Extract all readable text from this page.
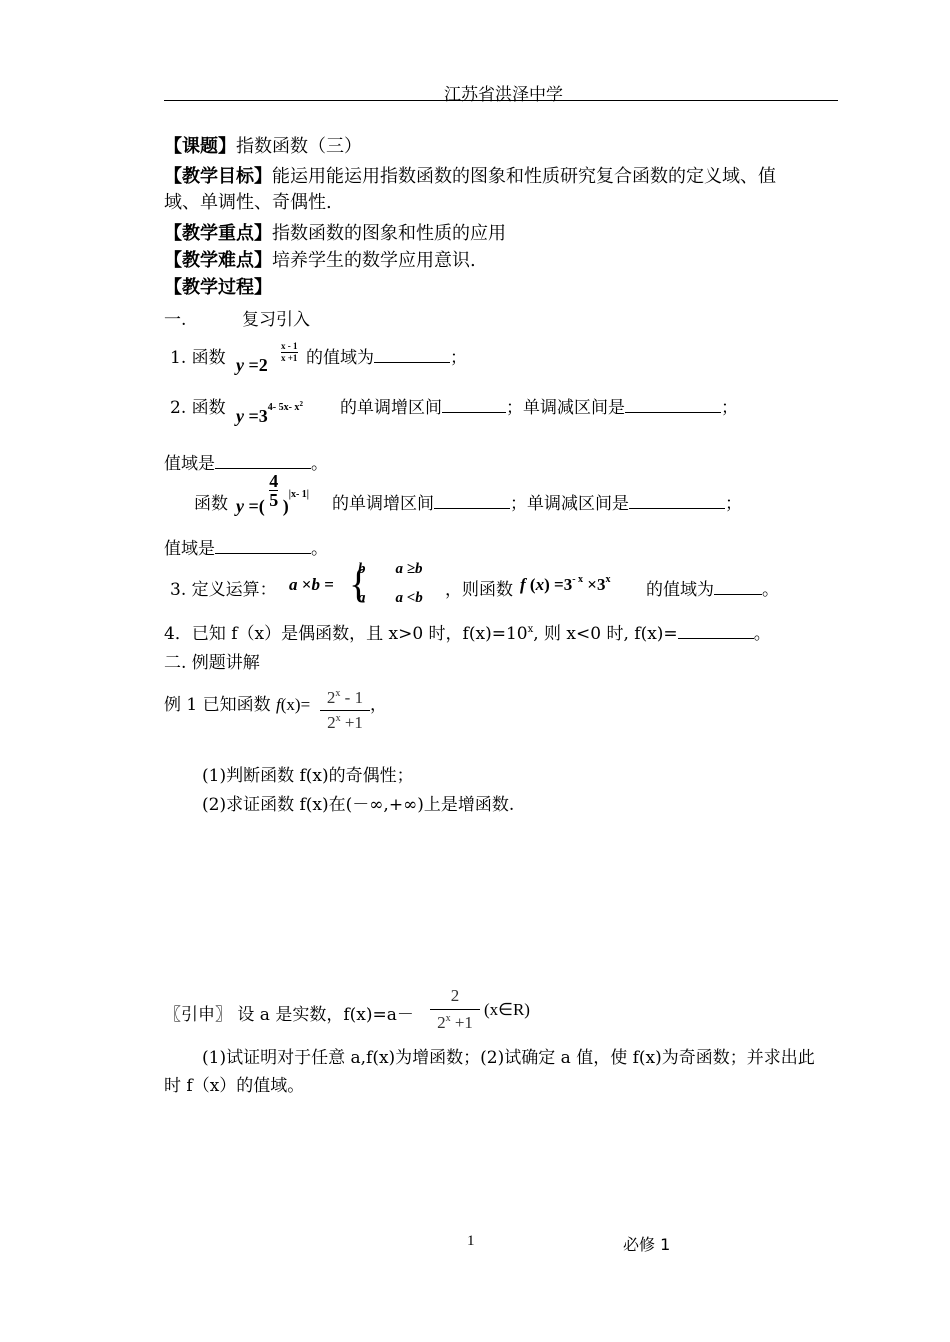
江苏省洪泽中学
【课题】指数函数（三）
【教学目标】能运用能运用指数函数的图象和性质研究复合函数的定义域、值
域、单调性、奇偶性.
【教学重点】指数函数的图象和性质的应用
【教学难点】培养学生的数学应用意识.
【教学过程】
一.	复习引入
1. 函数 y =2
x - 1
x +1 的值域为	；
2. 函数 $y =3^{4- 5x- x^2}$ 的单调增区间	；单调减区间是	；
值域是	。
函数 y =( $\frac{4}{5} )|x-$ 1| 的单调增区间	；单调减区间是	；
值域是	。
3. 定义运算： a ×b = {
b        a ≥b
a        a <b ，则函数 f $(x) =3^{- x} \times 3^x$
的值域为	。
4．已知 f（x）是偶函数，且 x>0 时，$f(x)=10^x$, 则 x<0 时, f(x)=	。
二. 例题讲解
例 1 已知函数 $f(x)= 2^x - 1$
$2^x +1$
，
(1)判断函数 f(x)的奇偶性；
(2)求证函数 f(x)在(－∞,+∞)上是增函数.
〖引申〗 设 a 是实数，f(x)=a－
2
$2^x +1$
(x∈R)
(1)试证明对于任意 a,f(x)为增函数；(2)试确定 a 值，使 f(x)为奇函数；并求出此
时 f（x）的值域。
1	必修 1
